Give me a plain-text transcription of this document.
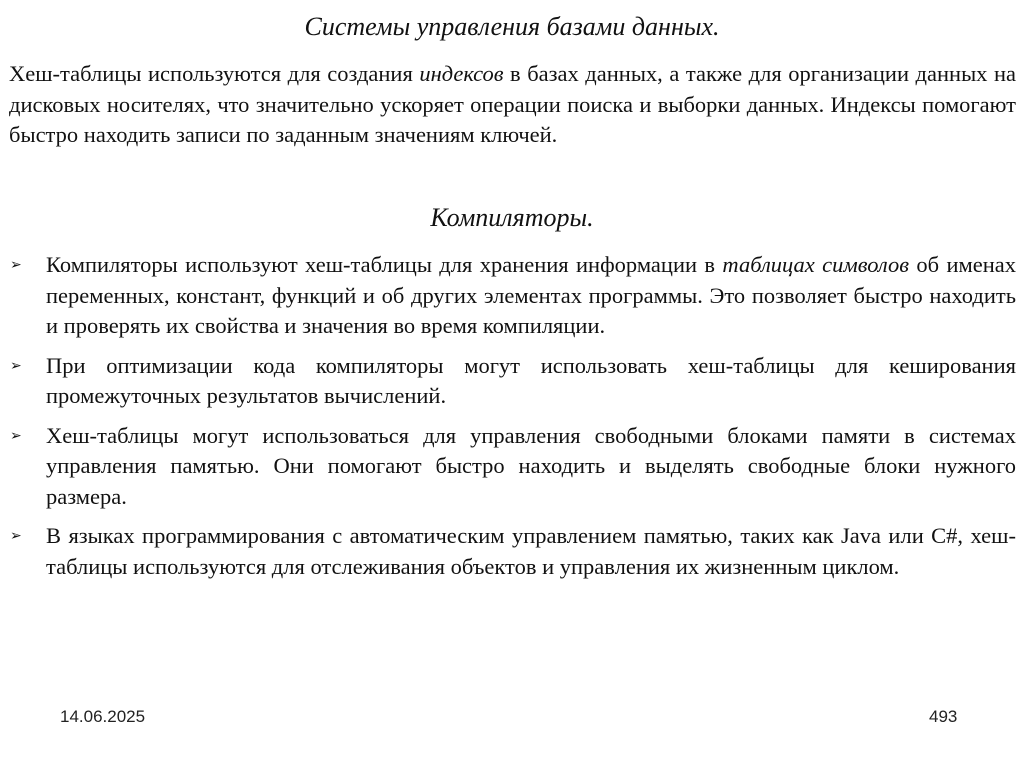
Системы управления базами данных.

Хеш-таблицы используются для создания индексов в базах данных, а также для организации данных на дисковых носителях, что значительно ускоряет операции поиска и выборки данных. Индексы помогают быстро находить записи по заданным значениям ключей.

Компиляторы.
➢ Компиляторы используют хеш-таблицы для хранения информации в таблицах символов об именах переменных, констант, функций и об других элементах программы. Это позволяет быстро находить и проверять их свойства и значения во время компиляции.
➢ При оптимизации кода компиляторы могут использовать хеш-таблицы для кеширования промежуточных результатов вычислений.
➢ Хеш-таблицы могут использоваться для управления свободными блоками памяти в системах управления памятью. Они помогают быстро находить и выделять свободные блоки нужного размера.
➢ В языках программирования с автоматическим управлением памятью, таких как Java или C#, хеш-таблицы используются для отслеживания объектов и управления их жизненным циклом.
14.06.2025	493
